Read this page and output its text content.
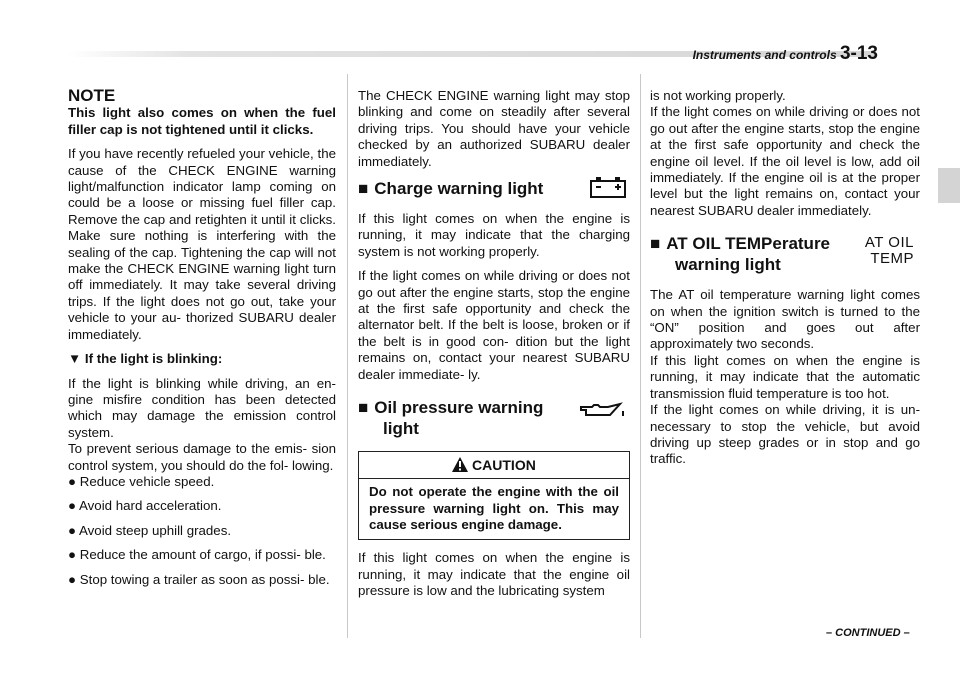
Instruments and controls 3-13
NOTE

This light also comes on when the fuel filler cap is not tightened until it clicks.

If you have recently refueled your vehicle, the cause of the CHECK ENGINE warning light/malfunction indicator lamp coming on could be a loose or missing fuel filler cap. Remove the cap and retighten it until it clicks. Make sure nothing is interfering with the sealing of the cap. Tightening the cap will not make the CHECK ENGINE warning light turn off immediately. It may take several driving trips. If the light does not go out, take your vehicle to your au- thorized SUBARU dealer immediately.

▼ If the light is blinking:

If the light is blinking while driving, an en- gine misfire condition has been detected which may damage the emission control system.

To prevent serious damage to the emis- sion control system, you should do the fol- lowing.

● Reduce vehicle speed.

● Avoid hard acceleration.

● Avoid steep uphill grades.

● Reduce the amount of cargo, if possi- ble.

● Stop towing a trailer as soon as possi- ble.

The CHECK ENGINE warning light may stop blinking and come on steadily after several driving trips. You should have your vehicle checked by an authorized SUBARU dealer immediately.

■ Charge warning light

If this light comes on when the engine is running, it may indicate that the charging system is not working properly.

If the light comes on while driving or does not go out after the engine starts, stop the engine at the first safe opportunity and check the alternator belt. If the belt is loose, broken or if the belt is in good con- dition but the light remains on, contact your nearest SUBARU dealer immediate- ly.

■ Oil pressure warning
light
CAUTION
Do not operate the engine with the oil pressure warning light on. This may cause serious engine damage.

If this light comes on when the engine is running, it may indicate that the engine oil pressure is low and the lubricating system

is not working properly.

If the light comes on while driving or does not go out after the engine starts, stop the engine at the first safe opportunity and check the engine oil level. If the oil level is low, add oil immediately. If the engine oil is at the proper level but the light remains on, contact your nearest SUBARU dealer immediately.

■ AT OIL TEMPerature
warning light
AT OIL
TEMP

The AT oil temperature warning light comes on when the ignition switch is turned to the “ON” position and goes out after approximately two seconds.

If this light comes on when the engine is running, it may indicate that the automatic transmission fluid temperature is too hot.

If the light comes on while driving, it is un- necessary to stop the vehicle, but avoid driving up steep grades or in stop and go traffic.

– CONTINUED –
